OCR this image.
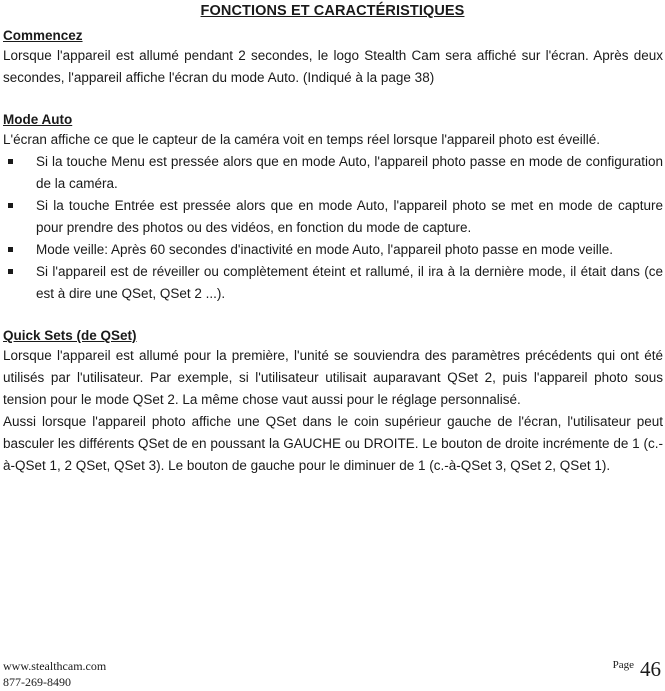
FONCTIONS ET CARACTÉRISTIQUES
Commencez

Lorsque l'appareil est allumé pendant 2 secondes, le logo Stealth Cam sera affiché sur l'écran. Après deux secondes, l'appareil affiche l'écran du mode Auto. (Indiqué à la page 38)

Mode Auto

L'écran affiche ce que le capteur de la caméra voit en temps réel lorsque l'appareil photo est éveillé.

Si la touche Menu est pressée alors que en mode Auto, l'appareil photo passe en mode de configuration de la caméra.
Si la touche Entrée est pressée alors que en mode Auto, l'appareil photo se met en mode de capture pour prendre des photos ou des vidéos, en fonction du mode de capture.
Mode veille: Après 60 secondes d'inactivité en mode Auto, l'appareil photo passe en mode veille.
Si l'appareil est de réveiller ou complètement éteint et rallumé, il ira à la dernière mode, il était dans (ce est à dire une QSet, QSet 2 ...).
Quick Sets (de QSet)

Lorsque l'appareil est allumé pour la première, l'unité se souviendra des paramètres précédents qui ont été utilisés par l'utilisateur. Par exemple, si l'utilisateur utilisait auparavant QSet 2, puis l'appareil photo sous tension pour le mode QSet 2. La même chose vaut aussi pour le réglage personnalisé.

Aussi lorsque l'appareil photo affiche une QSet dans le coin supérieur gauche de l'écran, l'utilisateur peut basculer les différents QSet de en poussant la GAUCHE ou DROITE. Le bouton de droite incrémente de 1 (c.-à-QSet 1, 2 QSet, QSet 3). Le bouton de gauche pour le diminuer de 1 (c.-à-QSet 3, QSet 2, QSet 1).

www.stealthcam.com
877-269-8490
$^{Page}$ 46
